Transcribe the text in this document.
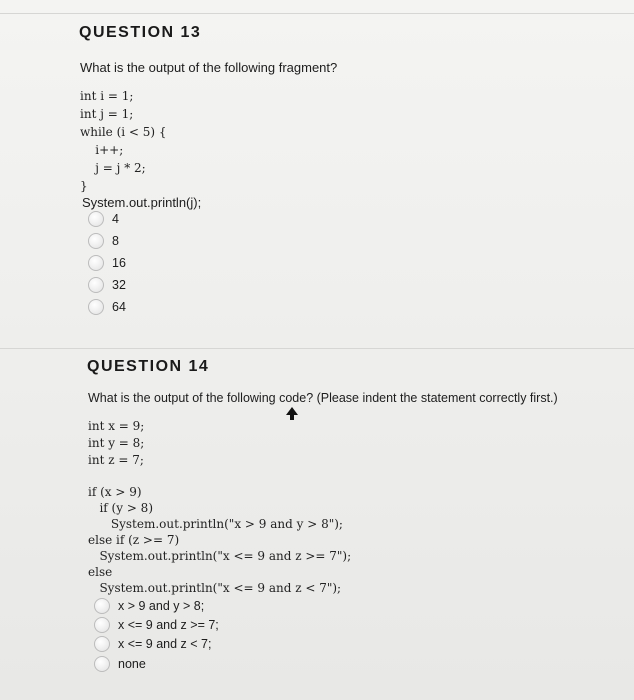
QUESTION 13
What is the output of the following fragment?
int i = 1;
int j = 1;
while (i < 5) {
i++;
j = j * 2;
}
System.out.println(j);
4
8
16
32
64
QUESTION 14
What is the output of the following code? (Please indent the statement correctly first.)
int x = 9;
int y = 8;
int z = 7;
if (x > 9)
if (y > 8)
System.out.println("x > 9 and y > 8");
else if (z >= 7)
System.out.println("x <= 9 and z >= 7");
else
System.out.println("x <= 9 and z < 7");
x > 9 and y > 8;
x <= 9 and z >= 7;
x <= 9 and z < 7;
none
